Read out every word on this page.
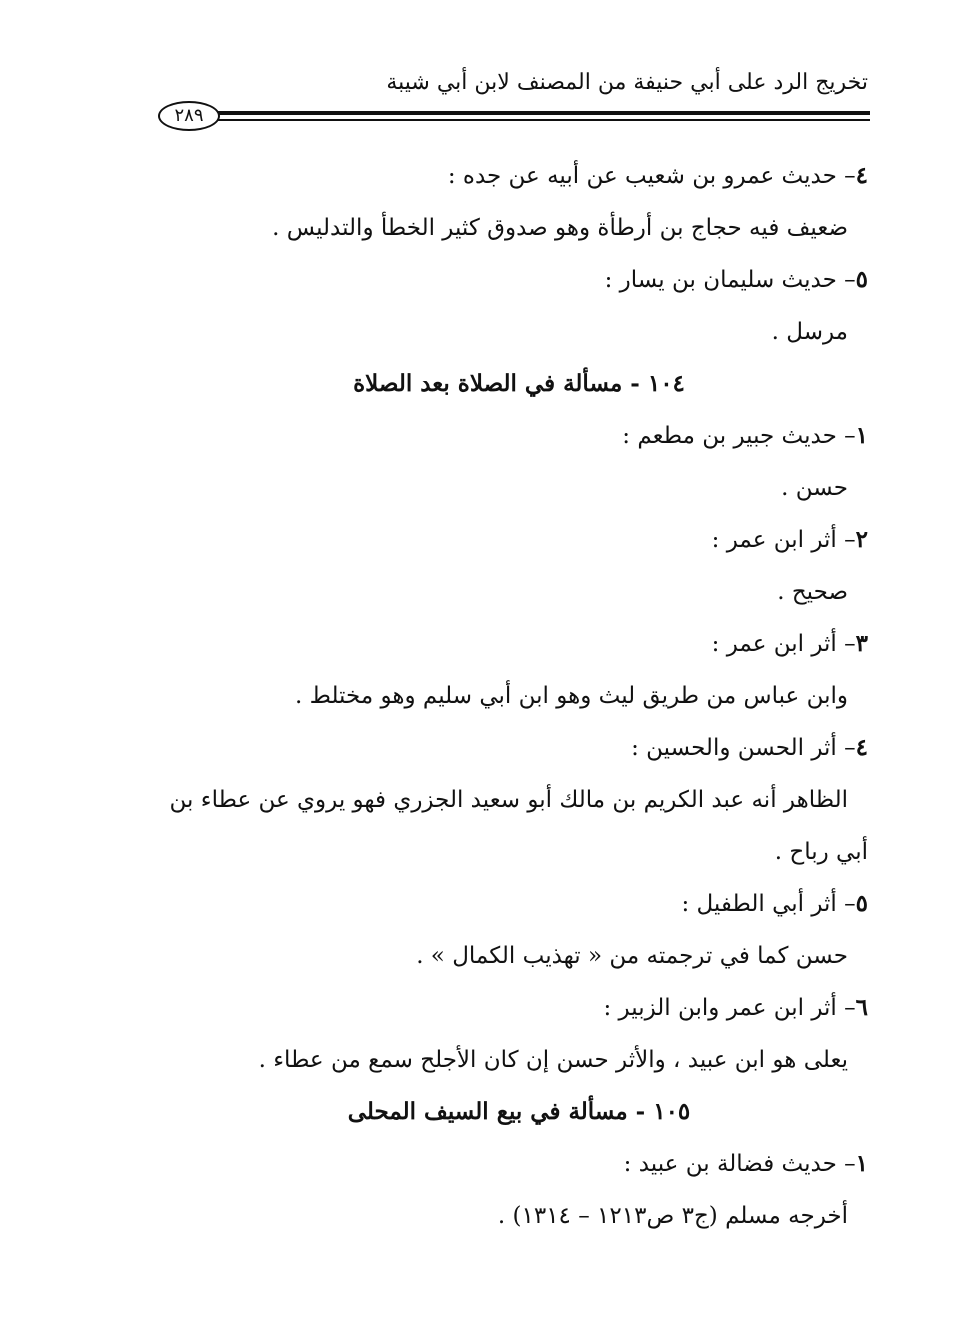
تخريج الرد على أبي حنيفة من المصنف لابن أبي شيبة
٢٨٩
٤– حديث عمرو بن شعيب عن أبيه عن جده :
ضعيف فيه حجاج بن أرطأة وهو صدوق كثير الخطأ والتدليس .
٥– حديث سليمان بن يسار :
مرسل .
١٠٤ - مسألة في الصلاة بعد الصلاة
١– حديث جبير بن مطعم :
حسن .
٢– أثر ابن عمر :
صحيح .
٣– أثر ابن عمر :
وابن عباس من طريق ليث وهو ابن أبي سليم وهو مختلط .
٤– أثر الحسن والحسين :
الظاهر أنه عبد الكريم بن مالك أبو سعيد الجزري فهو يروي عن عطاء بن
أبي رباح .
٥– أثر أبي الطفيل :
حسن كما في ترجمته من « تهذيب الكمال » .
٦– أثر ابن عمر وابن الزبير :
يعلى هو ابن عبيد ، والأثر حسن إن كان الأجلح سمع من عطاء .
١٠٥ - مسألة في بيع السيف المحلى
١– حديث فضالة بن عبيد :
أخرجه مسلم (ج٣ ص١٢١٣ – ١٣١٤) .
